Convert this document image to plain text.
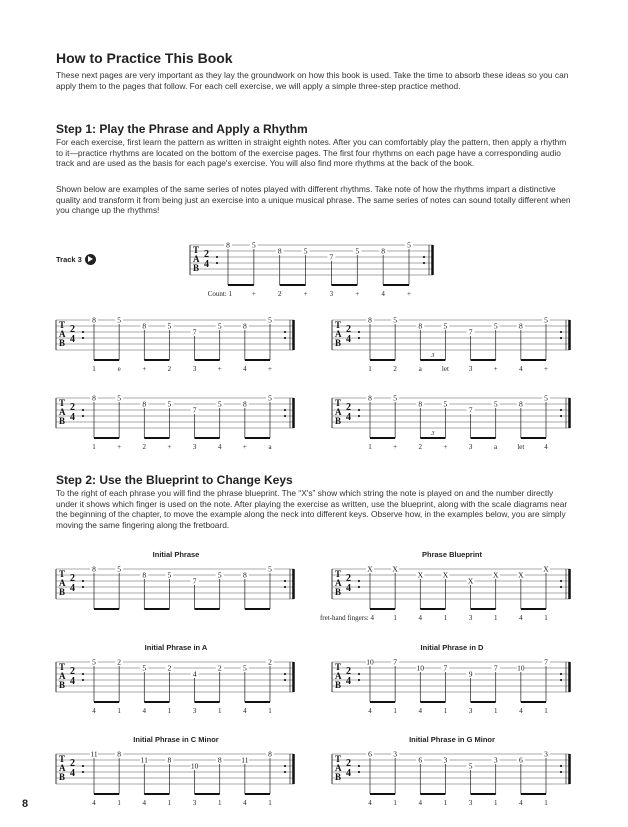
How to Practice This Book

These next pages are very important as they lay the groundwork on how this book is used. Take the time to absorb these ideas so you can apply them to the pages that follow. For each cell exercise, we will apply a simple three-step practice method.

Step 1: Play the Phrase and Apply a Rhythm

For each exercise, first learn the pattern as written in straight eighth notes. After you can comfortably play the pattern, then apply a rhythm to it—practice rhythms are located on the bottom of the exercise pages. The first four rhythms on each page have a corresponding audio track and are used as the basis for each page's exercise. You will also find more rhythms at the back of the book.

Shown below are examples of the same series of notes played with different rhythms. Take note of how the rhythms impart a distinctive quality and transform it from being just an exercise into a unique musical phrase. The same series of notes can sound totally different when you change up the rhythms!

Track 3
Step 2: Use the Blueprint to Change Keys

To the right of each phrase you will find the phrase blueprint. The “X's” show which string the note is played on and the number directly under it shows which finger is used on the note. After playing the exercise as written, use the blueprint, along with the scale diagrams near the beginning of the chapter, to move the example along the neck into different keys. Observe how, in the examples below, you are simply moving the same fingering along the fretboard.

T
A
B
2
4
8	5
8	5
7
5	8
5
Count: 1	+	2	+	3	+	4	+
T
A
B
2
4
8	5
8	5
7
5	8
5
1	e	+	2	3	+	4	+
T
A
B
2
4
8	5
8	5
7
5	8
5
1	2	a	let	3	+	4	+
3
T
A
B
2
4
8	5
8	5
7
5	8
5
1	+	2	+	3	4	+	a
T
A
B
2
4
8	5
8	5
7
5	8
5
1	+	2	+	3	a	let	4
3
Initial Phrase
T
A
B
2
4
8	5
8	5
7
5	8
5
Phrase Blueprint
T
A
B
2
4
X	X
X	X
X
X	X
X
fret-hand fingers: 4	1	4	1	3	1	4	1
Initial Phrase in A
T
A
B
2
4
5	2
5	2
4
2	5
2
4	1	4	1	3	1	4	1
Initial Phrase in D
T
A
B
2
4
10	7
10	7
9
7	10
7
4	1	4	1	3	1	4	1
Initial Phrase in C Minor
T
A
B
2
4
11	8
11	8
10
8	11
8
4	1	4	1	3	1	4	1
Initial Phrase in G Minor
T
A
B
2
4
6	3
6	3
5
3	6
3
4	1	4	1	3	1	4	1
8
